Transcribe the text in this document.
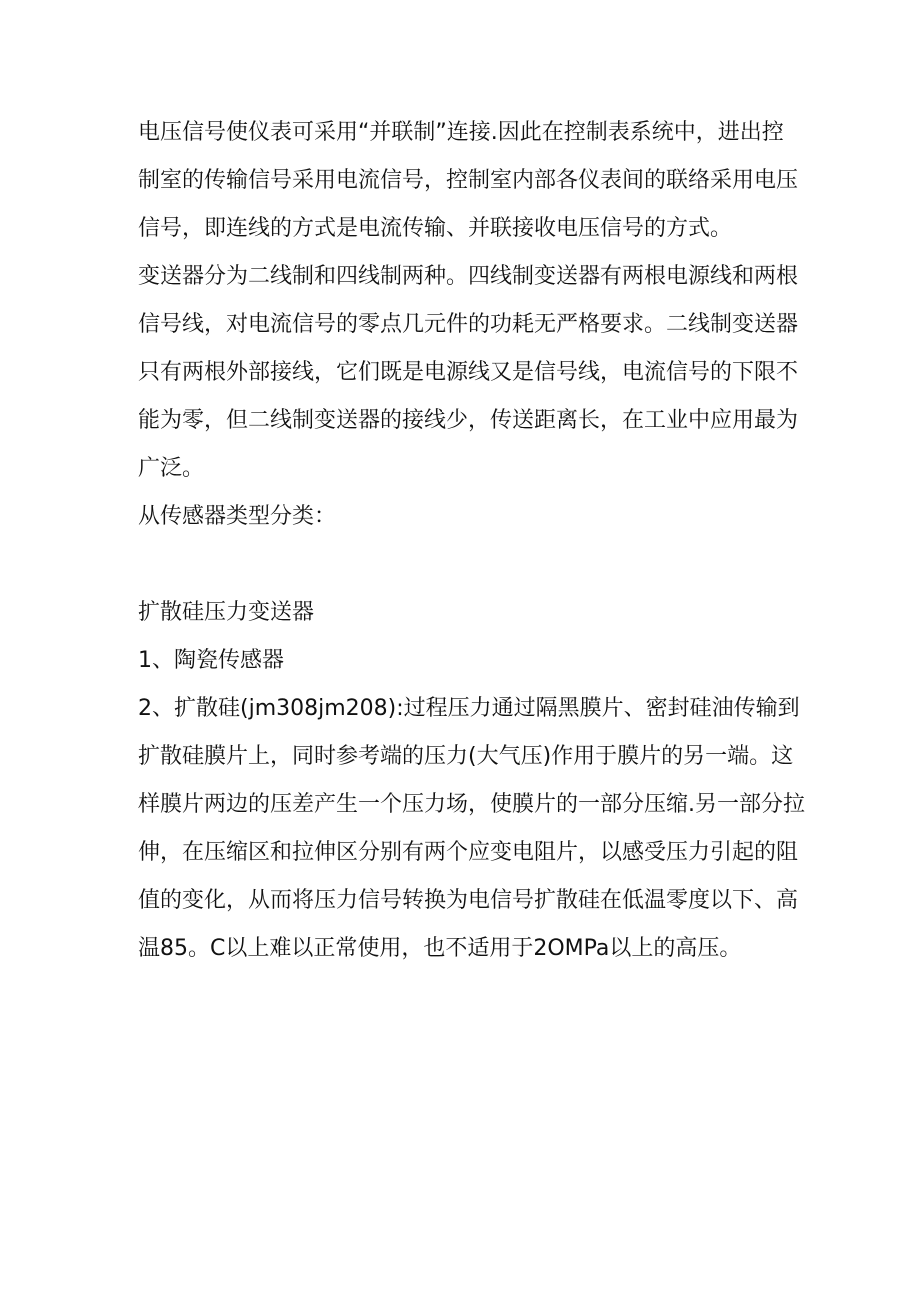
电压信号使仪表可采用“并联制”连接.因此在控制表系统中，进出控

制室的传输信号采用电流信号，控制室内部各仪表间的联络采用电压

信号，即连线的方式是电流传输、并联接收电压信号的方式。

变送器分为二线制和四线制两种。四线制变送器有两根电源线和两根

信号线，对电流信号的零点几元件的功耗无严格要求。二线制变送器

只有两根外部接线，它们既是电源线又是信号线，电流信号的下限不

能为零，但二线制变送器的接线少，传送距离长，在工业中应用最为

广泛。

从传感器类型分类：

扩散硅压力变送器

1、陶瓷传感器

2、扩散硅(jm308jm208):过程压力通过隔黑膜片、密封硅油传输到

扩散硅膜片上，同时参考端的压力(大气压)作用于膜片的另一端。这

样膜片两边的压差产生一个压力场，使膜片的一部分压缩.另一部分拉

伸，在压缩区和拉伸区分别有两个应变电阻片，以感受压力引起的阻

值的变化，从而将压力信号转换为电信号扩散硅在低温零度以下、高

温85。C以上难以正常使用，也不适用于2OMPa以上的高压。
